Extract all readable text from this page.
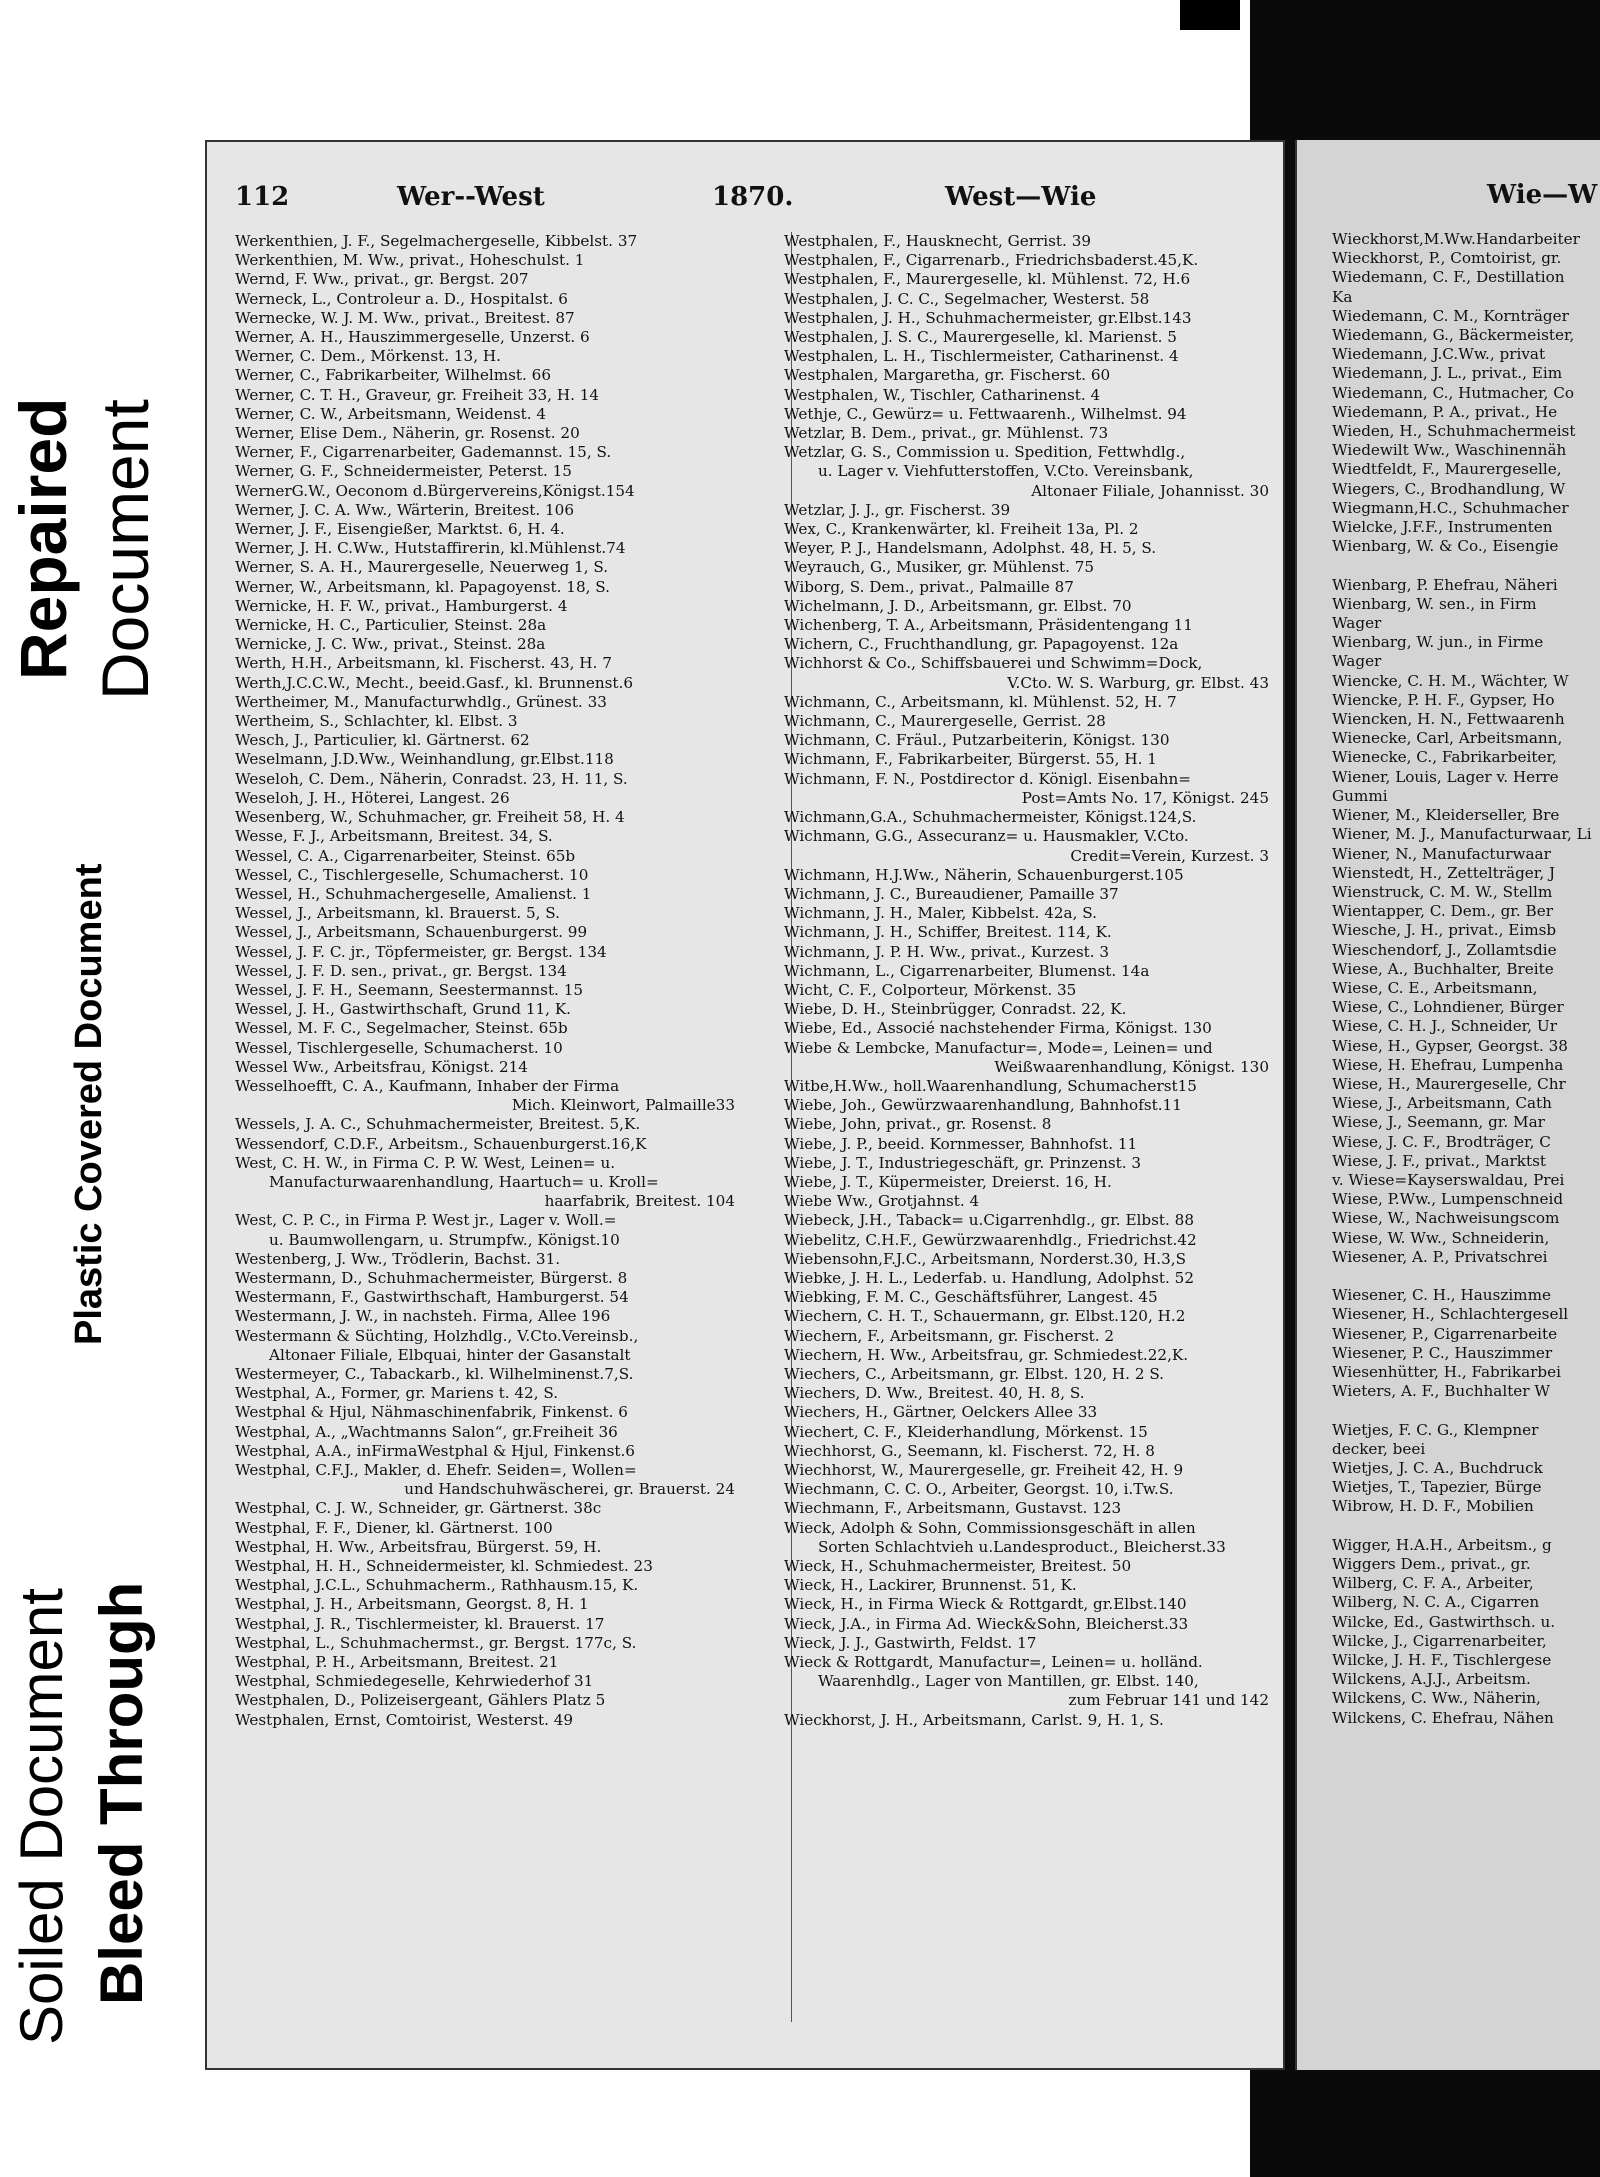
Repaired Document
Plastic Covered Document
Soiled Document Bleed Through
112	Wer--West	1870.	West—Wie
Werkenthien, J. F., Segelmachergeselle, Kibbelst. 37
Werkenthien, M. Ww., privat., Hoheschulst. 1
Wernd, F. Ww., privat., gr. Bergst. 207
Werneck, L., Controleur a. D., Hospitalst. 6
Wernecke, W. J. M. Ww., privat., Breitest. 87
Werner, A. H., Hauszimmergeselle, Unzerst. 6
Werner, C. Dem., Mörkenst. 13, H.
Werner, C., Fabrikarbeiter, Wilhelmst. 66
Werner, C. T. H., Graveur, gr. Freiheit 33, H. 14
Werner, C. W., Arbeitsmann, Weidenst. 4
Werner, Elise Dem., Näherin, gr. Rosenst. 20
Werner, F., Cigarrenarbeiter, Gademannst. 15, S.
Werner, G. F., Schneidermeister, Peterst. 15
WernerG.W., Oeconom d.Bürgervereins,Königst.154
Werner, J. C. A. Ww., Wärterin, Breitest. 106
Werner, J. F., Eisengießer, Marktst. 6, H. 4.
Werner, J. H. C.Ww., Hutstaffirerin, kl.Mühlenst.74
Werner, S. A. H., Maurergeselle, Neuerweg 1, S.
Werner, W., Arbeitsmann, kl. Papagoyenst. 18, S.
Wernicke, H. F. W., privat., Hamburgerst. 4
Wernicke, H. C., Particulier, Steinst. 28a
Wernicke, J. C. Ww., privat., Steinst. 28a
Werth, H.H., Arbeitsmann, kl. Fischerst. 43, H. 7
Werth,J.C.C.W., Mecht., beeid.Gasf., kl. Brunnenst.6
Wertheimer, M., Manufacturwhdlg., Grünest. 33
Wertheim, S., Schlachter, kl. Elbst. 3
Wesch, J., Particulier, kl. Gärtnerst. 62
Weselmann, J.D.Ww., Weinhandlung, gr.Elbst.118
Weseloh, C. Dem., Näherin, Conradst. 23, H. 11, S.
Weseloh, J. H., Höterei, Langest. 26
Wesenberg, W., Schuhmacher, gr. Freiheit 58, H. 4
Wesse, F. J., Arbeitsmann, Breitest. 34, S.
Wessel, C. A., Cigarrenarbeiter, Steinst. 65b
Wessel, C., Tischlergeselle, Schumacherst. 10
Wessel, H., Schuhmachergeselle, Amalienst. 1
Wessel, J., Arbeitsmann, kl. Brauerst. 5, S.
Wessel, J., Arbeitsmann, Schauenburgerst. 99
Wessel, J. F. C. jr., Töpfermeister, gr. Bergst. 134
Wessel, J. F. D. sen., privat., gr. Bergst. 134
Wessel, J. F. H., Seemann, Seestermannst. 15
Wessel, J. H., Gastwirthschaft, Grund 11, K.
Wessel, M. F. C., Segelmacher, Steinst. 65b
Wessel, Tischlergeselle, Schumacherst. 10
Wessel Ww., Arbeitsfrau, Königst. 214
Wesselhoefft, C. A., Kaufmann, Inhaber der Firma
Mich. Kleinwort, Palmaille33
Wessels, J. A. C., Schuhmachermeister, Breitest. 5,K.
Wessendorf, C.D.F., Arbeitsm., Schauenburgerst.16,K
West, C. H. W., in Firma C. P. W. West, Leinen= u.
Manufacturwaarenhandlung, Haartuch= u. Kroll=
haarfabrik, Breitest. 104
West, C. P. C., in Firma P. West jr., Lager v. Woll.=
u. Baumwollengarn, u. Strumpfw., Königst.10
Westenberg, J. Ww., Trödlerin, Bachst. 31.
Westermann, D., Schuhmachermeister, Bürgerst. 8
Westermann, F., Gastwirthschaft, Hamburgerst. 54
Westermann, J. W., in nachsteh. Firma, Allee 196
Westermann & Süchting, Holzhdlg., V.Cto.Vereinsb.,
Altonaer Filiale, Elbquai, hinter der Gasanstalt
Westermeyer, C., Tabackarb., kl. Wilhelminenst.7,S.
Westphal, A., Former, gr. Mariens t. 42, S.
Westphal & Hjul, Nähmaschinenfabrik, Finkenst. 6
Westphal, A., „Wachtmanns Salon“, gr.Freiheit 36
Westphal, A.A., inFirmaWestphal & Hjul, Finkenst.6
Westphal, C.F.J., Makler, d. Ehefr. Seiden=, Wollen=
und Handschuhwäscherei, gr. Brauerst. 24
Westphal, C. J. W., Schneider, gr. Gärtnerst. 38c
Westphal, F. F., Diener, kl. Gärtnerst. 100
Westphal, H. Ww., Arbeitsfrau, Bürgerst. 59, H.
Westphal, H. H., Schneidermeister, kl. Schmiedest. 23
Westphal, J.C.L., Schuhmacherm., Rathhausm.15, K.
Westphal, J. H., Arbeitsmann, Georgst. 8, H. 1
Westphal, J. R., Tischlermeister, kl. Brauerst. 17
Westphal, L., Schuhmachermst., gr. Bergst. 177c, S.
Westphal, P. H., Arbeitsmann, Breitest. 21
Westphal, Schmiedegeselle, Kehrwiederhof 31
Westphalen, D., Polizeisergeant, Gählers Platz 5
Westphalen, Ernst, Comtoirist, Westerst. 49
Westphalen, F., Hausknecht, Gerrist. 39
Westphalen, F., Cigarrenarb., Friedrichsbaderst.45,K.
Westphalen, F., Maurergeselle, kl. Mühlenst. 72, H.6
Westphalen, J. C. C., Segelmacher, Westerst. 58
Westphalen, J. H., Schuhmachermeister, gr.Elbst.143
Westphalen, J. S. C., Maurergeselle, kl. Marienst. 5
Westphalen, L. H., Tischlermeister, Catharinenst. 4
Westphalen, Margaretha, gr. Fischerst. 60
Westphalen, W., Tischler, Catharinenst. 4
Wethje, C., Gewürz= u. Fettwaarenh., Wilhelmst. 94
Wetzlar, B. Dem., privat., gr. Mühlenst. 73
Wetzlar, G. S., Commission u. Spedition, Fettwhdlg.,
u. Lager v. Viehfutterstoffen, V.Cto. Vereinsbank,
Altonaer Filiale, Johannisst. 30
Wetzlar, J. J., gr. Fischerst. 39
Wex, C., Krankenwärter, kl. Freiheit 13a, Pl. 2
Weyer, P. J., Handelsmann, Adolphst. 48, H. 5, S.
Weyrauch, G., Musiker, gr. Mühlenst. 75
Wiborg, S. Dem., privat., Palmaille 87
Wichelmann, J. D., Arbeitsmann, gr. Elbst. 70
Wichenberg, T. A., Arbeitsmann, Präsidentengang 11
Wichern, C., Fruchthandlung, gr. Papagoyenst. 12a
Wichhorst & Co., Schiffsbauerei und Schwimm=Dock,
V.Cto. W. S. Warburg, gr. Elbst. 43
Wichmann, C., Arbeitsmann, kl. Mühlenst. 52, H. 7
Wichmann, C., Maurergeselle, Gerrist. 28
Wichmann, C. Fräul., Putzarbeiterin, Königst. 130
Wichmann, F., Fabrikarbeiter, Bürgerst. 55, H. 1
Wichmann, F. N., Postdirector d. Königl. Eisenbahn=
Post=Amts No. 17, Königst. 245
Wichmann,G.A., Schuhmachermeister, Königst.124,S.
Wichmann, G.G., Assecuranz= u. Hausmakler, V.Cto.
Credit=Verein, Kurzest. 3
Wichmann, H.J.Ww., Näherin, Schauenburgerst.105
Wichmann, J. C., Bureaudiener, Pamaille 37
Wichmann, J. H., Maler, Kibbelst. 42a, S.
Wichmann, J. H., Schiffer, Breitest. 114, K.
Wichmann, J. P. H. Ww., privat., Kurzest. 3
Wichmann, L., Cigarrenarbeiter, Blumenst. 14a
Wicht, C. F., Colporteur, Mörkenst. 35
Wiebe, D. H., Steinbrügger, Conradst. 22, K.
Wiebe, Ed., Associé nachstehender Firma, Königst. 130
Wiebe & Lembcke, Manufactur=, Mode=, Leinen= und
Weißwaarenhandlung, Königst. 130
Witbe,H.Ww., holl.Waarenhandlung, Schumacherst15
Wiebe, Joh., Gewürzwaarenhandlung, Bahnhofst.11
Wiebe, John, privat., gr. Rosenst. 8
Wiebe, J. P., beeid. Kornmesser, Bahnhofst. 11
Wiebe, J. T., Industriegeschäft, gr. Prinzenst. 3
Wiebe, J. T., Küpermeister, Dreierst. 16, H.
Wiebe Ww., Grotjahnst. 4
Wiebeck, J.H., Taback= u.Cigarrenhdlg., gr. Elbst. 88
Wiebelitz, C.H.F., Gewürzwaarenhdlg., Friedrichst.42
Wiebensohn,F.J.C., Arbeitsmann, Norderst.30, H.3,S
Wiebke, J. H. L., Lederfab. u. Handlung, Adolphst. 52
Wiebking, F. M. C., Geschäftsführer, Langest. 45
Wiechern, C. H. T., Schauermann, gr. Elbst.120, H.2
Wiechern, F., Arbeitsmann, gr. Fischerst. 2
Wiechern, H. Ww., Arbeitsfrau, gr. Schmiedest.22,K.
Wiechers, C., Arbeitsmann, gr. Elbst. 120, H. 2 S.
Wiechers, D. Ww., Breitest. 40, H. 8, S.
Wiechers, H., Gärtner, Oelckers Allee 33
Wiechert, C. F., Kleiderhandlung, Mörkenst. 15
Wiechhorst, G., Seemann, kl. Fischerst. 72, H. 8
Wiechhorst, W., Maurergeselle, gr. Freiheit 42, H. 9
Wiechmann, C. C. O., Arbeiter, Georgst. 10, i.Tw.S.
Wiechmann, F., Arbeitsmann, Gustavst. 123
Wieck, Adolph & Sohn, Commissionsgeschäft in allen
Sorten Schlachtvieh u.Landesproduct., Bleicherst.33
Wieck, H., Schuhmachermeister, Breitest. 50
Wieck, H., Lackirer, Brunnenst. 51, K.
Wieck, H., in Firma Wieck & Rottgardt, gr.Elbst.140
Wieck, J.A., in Firma Ad. Wieck&Sohn, Bleicherst.33
Wieck, J. J., Gastwirth, Feldst. 17
Wieck & Rottgardt, Manufactur=, Leinen= u. holländ.
Waarenhdlg., Lager von Mantillen, gr. Elbst. 140,
zum Februar 141 und 142
Wieckhorst, J. H., Arbeitsmann, Carlst. 9, H. 1, S.
Wie—W
Wieckhorst,M.Ww.Handarbeiter
Wieckhorst, P., Comtoirist, gr.
Wiedemann, C. F., Destillation
Ka
Wiedemann, C. M., Kornträger
Wiedemann, G., Bäckermeister,
Wiedemann, J.C.Ww., privat
Wiedemann, J. L., privat., Eim
Wiedemann, C., Hutmacher, Co
Wiedemann, P. A., privat., He
Wieden, H., Schuhmachermeist
Wiedewilt Ww., Waschinennäh
Wiedtfeldt, F., Maurergeselle,
Wiegers, C., Brodhandlung, W
Wiegmann,H.C., Schuhmacher
Wielcke, J.F.F., Instrumenten
Wienbarg, W. & Co., Eisengie

Wienbarg, P. Ehefrau, Näheri
Wienbarg, W. sen., in Firm
Wager
Wienbarg, W. jun., in Firme
Wager
Wiencke, C. H. M., Wächter, W
Wiencke, P. H. F., Gypser, Ho
Wiencken, H. N., Fettwaarenh
Wienecke, Carl, Arbeitsmann,
Wienecke, C., Fabrikarbeiter,
Wiener, Louis, Lager v. Herre
Gummi
Wiener, M., Kleiderseller, Bre
Wiener, M. J., Manufacturwaar, Li
Wiener, N., Manufacturwaar
Wienstedt, H., Zettelträger, J
Wienstruck, C. M. W., Stellm
Wientapper, C. Dem., gr. Ber
Wiesche, J. H., privat., Eimsb
Wieschendorf, J., Zollamtsdie
Wiese, A., Buchhalter, Breite
Wiese, C. E., Arbeitsmann,
Wiese, C., Lohndiener, Bürger
Wiese, C. H. J., Schneider, Ur
Wiese, H., Gypser, Georgst. 38
Wiese, H. Ehefrau, Lumpenha
Wiese, H., Maurergeselle, Chr
Wiese, J., Arbeitsmann, Cath
Wiese, J., Seemann, gr. Mar
Wiese, J. C. F., Brodträger, C
Wiese, J. F., privat., Marktst
v. Wiese=Kayserswaldau, Prei
Wiese, P.Ww., Lumpenschneid
Wiese, W., Nachweisungscom
Wiese, W. Ww., Schneiderin,
Wiesener, A. P., Privatschrei

Wiesener, C. H., Hauszimme
Wiesener, H., Schlachtergesell
Wiesener, P., Cigarrenarbeite
Wiesener, P. C., Hauszimmer
Wiesenhütter, H., Fabrikarbei
Wieters, A. F., Buchhalter W

Wietjes, F. C. G., Klempner
decker, beei
Wietjes, J. C. A., Buchdruck
Wietjes, T., Tapezier, Bürge
Wibrow, H. D. F., Mobilien

Wigger, H.A.H., Arbeitsm., g
Wiggers Dem., privat., gr.
Wilberg, C. F. A., Arbeiter,
Wilberg, N. C. A., Cigarren
Wilcke, Ed., Gastwirthsch. u.
Wilcke, J., Cigarrenarbeiter,
Wilcke, J. H. F., Tischlergese
Wilckens, A.J.J., Arbeitsm.
Wilckens, C. Ww., Näherin,
Wilckens, C. Ehefrau, Nähen
